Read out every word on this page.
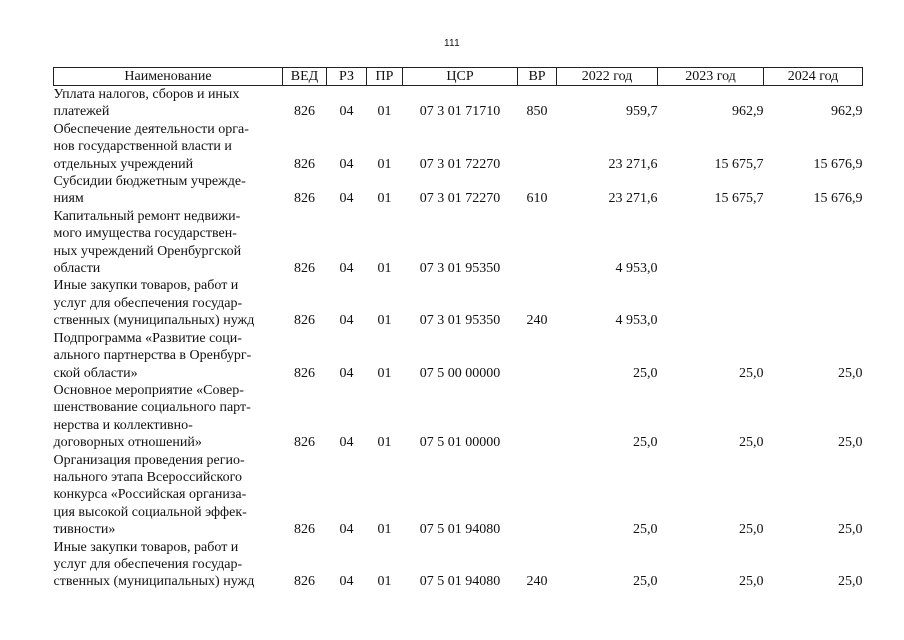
111
Наименование	ВЕД	РЗ	ПР	ЦСР	ВР	2022 год	2023 год	2024 год

Уплата налогов, сборов и иных
платежей	826	04	01	07 3 01 71710	850	959,7	962,9	962,9

Обеспечение деятельности орга-
нов государственной власти и
отдельных учреждений	826	04	01	07 3 01 72270		23 271,6	15 675,7	15 676,9

Субсидии бюджетным учрежде-
ниям	826	04	01	07 3 01 72270	610	23 271,6	15 675,7	15 676,9

Капитальный ремонт недвижи-
мого имущества государствен-
ных учреждений Оренбургской
области	826	04	01	07 3 01 95350		4 953,0		

Иные закупки товаров, работ и
услуг для обеспечения государ-
ственных (муниципальных) нужд	826	04	01	07 3 01 95350	240	4 953,0		

Подпрограмма «Развитие соци-
ального партнерства в Оренбург-
ской области»	826	04	01	07 5 00 00000		25,0	25,0	25,0

Основное мероприятие «Совер-
шенствование социального парт-
нерства и коллективно-
договорных отношений»	826	04	01	07 5 01 00000		25,0	25,0	25,0

Организация проведения регио-
нального этапа Всероссийского
конкурса «Российская организа-
ция высокой социальной эффек-
тивности»	826	04	01	07 5 01 94080		25,0	25,0	25,0

Иные закупки товаров, работ и
услуг для обеспечения государ-
ственных (муниципальных) нужд	826	04	01	07 5 01 94080	240	25,0	25,0	25,0
